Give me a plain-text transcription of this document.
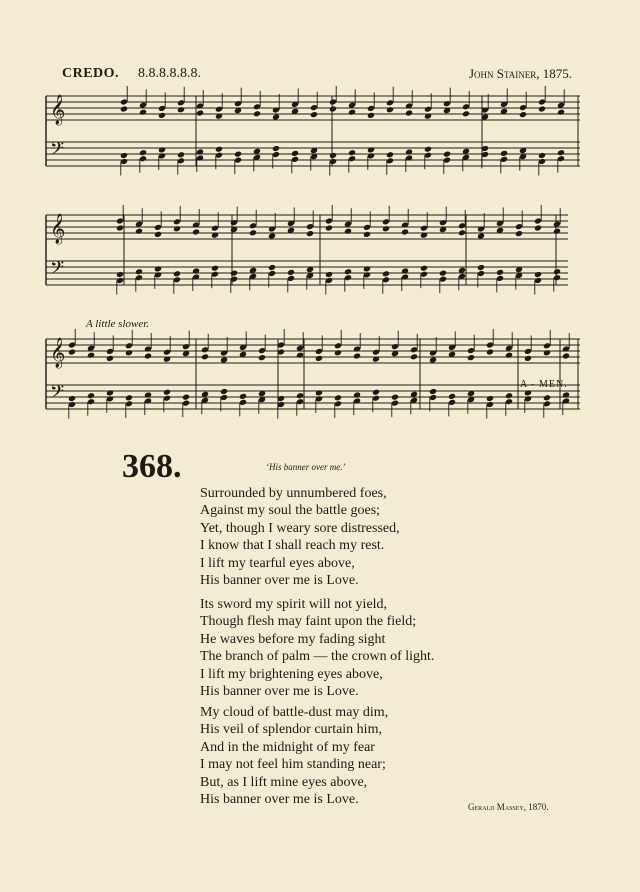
CREDO. 8.8.8.8.8.8.	John Stainer, 1875.
𝄞
𝄢
𝄞
𝄢
𝄞
𝄢
A little slower.
A - MEN.
368.	‘His banner over me.’
Surrounded by unnumbered foes,
Against my soul the battle goes;
Yet, though I weary sore distressed,
I know that I shall reach my rest.
I lift my tearful eyes above,
His banner over me is Love.
Its sword my spirit will not yield,
Though flesh may faint upon the field;
He waves before my fading sight
The branch of palm — the crown of light.
I lift my brightening eyes above,
His banner over me is Love.
My cloud of battle-dust may dim,
His veil of splendor curtain him,
And in the midnight of my fear
I may not feel him standing near;
But, as I lift mine eyes above,
His banner over me is Love.	Gerald Massey, 1870.
